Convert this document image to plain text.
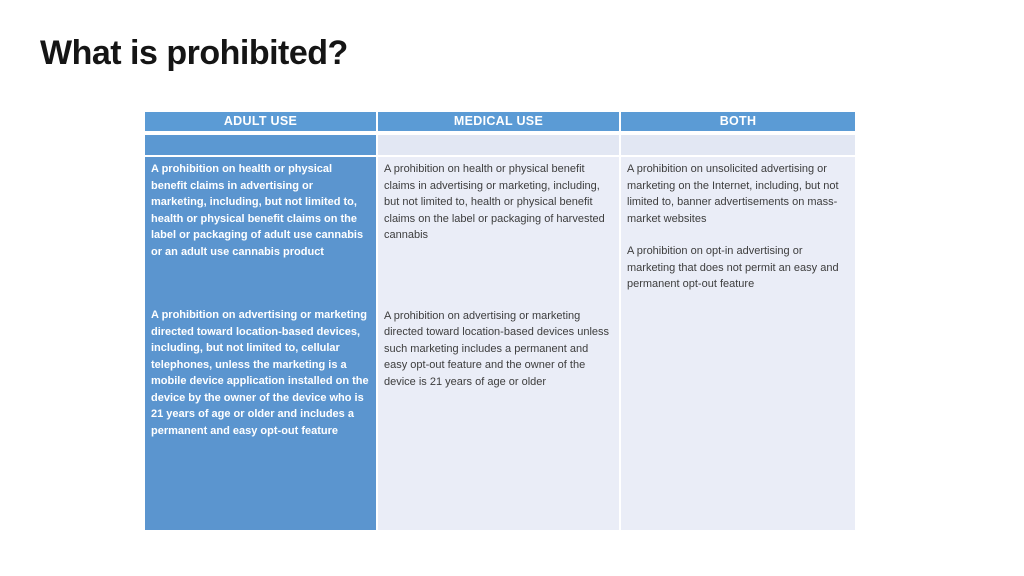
What is prohibited?
ADULT USE	MEDICAL USE	BOTH

A prohibition on health or physical benefit claims in advertising or marketing, including, but not limited to, health or physical benefit claims on the label or packaging of adult use cannabis or an adult use cannabis product

A prohibition on advertising or marketing directed toward location-based devices, including, but not limited to, cellular telephones, unless the marketing is a mobile device application installed on the device by the owner of the device who is 21 years of age or older and includes a permanent and easy opt-out feature

A prohibition on health or physical benefit claims in advertising or marketing, including, but not limited to, health or physical benefit claims on the label or packaging of harvested cannabis

A prohibition on advertising or marketing directed toward location-based devices unless such marketing includes a permanent and easy opt-out feature and the owner of the device is 21 years of age or older

A prohibition on unsolicited advertising or marketing on the Internet, including, but not limited to, banner advertisements on mass-market websites

A prohibition on opt-in advertising or marketing that does not permit an easy and permanent opt-out feature
